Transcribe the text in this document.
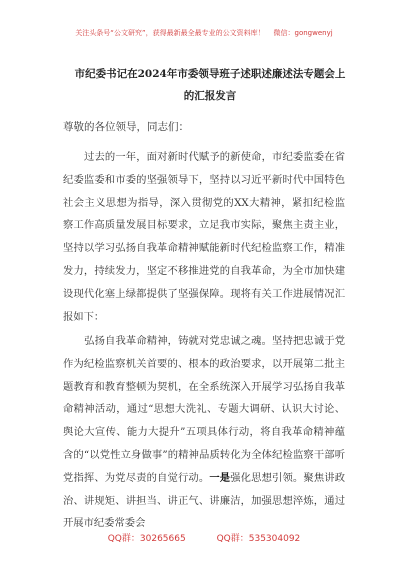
关注头条号“公文研究”，获得最新最全最专业的公文资料库！ 微信：gongwenyj
市纪委书记在2024年市委领导班子述职述廉述法专题会上
的汇报发言
尊敬的各位领导，同志们：

过去的一年，面对新时代赋予的新使命，市纪委监委在省纪委监委和市委的坚强领导下，坚持以习近平新时代中国特色社会主义思想为指导，深入贯彻党的XX大精神，紧扣纪检监察工作高质量发展目标要求，立足我市实际，聚焦主责主业，坚持以学习弘扬自我革命精神赋能新时代纪检监察工作，精准发力，持续发力，坚定不移推进党的自我革命，为全市加快建设现代化塞上绿都提供了坚强保障。现将有关工作进展情况汇报如下：

弘扬自我革命精神，铸就对党忠诚之魂。坚持把忠诚于党作为纪检监察机关首要的、根本的政治要求，以开展第二批主题教育和教育整顿为契机，在全系统深入开展学习弘扬自我革命精神活动，通过“思想大洗礼、专题大调研、认识大讨论、舆论大宣传、能力大提升”五项具体行动，将自我革命精神蕴含的“以党性立身做事”的精神品质转化为全体纪检监察干部听党指挥、为党尽责的自觉行动。一是强化思想引领。聚焦讲政治、讲规矩、讲担当、讲正气、讲廉洁，加强思想淬炼，通过开展市纪委常委会

QQ群：30265665	QQ群：535304092
